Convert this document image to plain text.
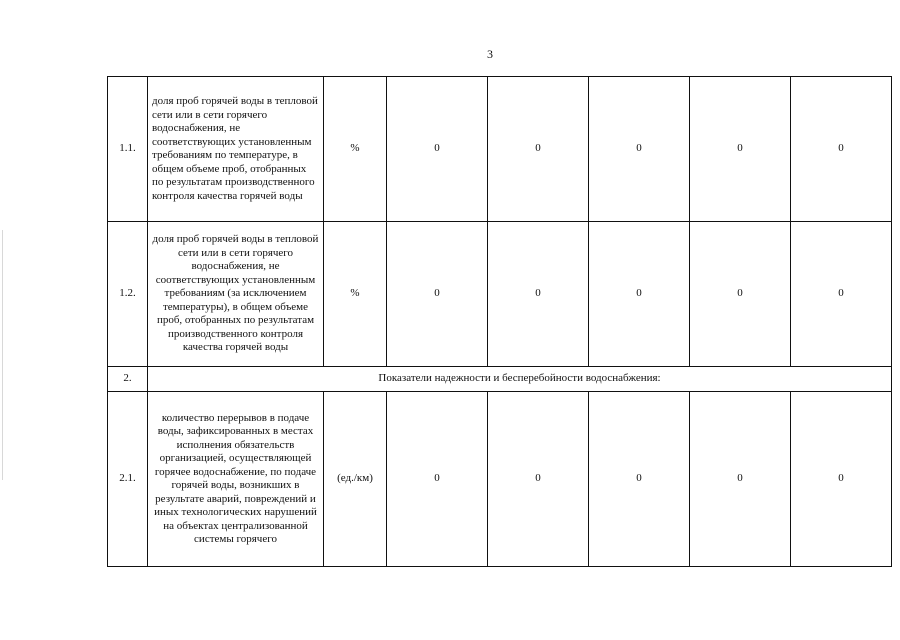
3
1.1.	доля проб горячей воды в тепловой сети или в сети горячего водоснабжения, не соответствующих установленным требованиям по температуре, в общем объеме проб, отобранных по результатам производственного контроля качества горячей воды	%	0	0	0	0	0
1.2.	доля проб горячей воды в тепловой сети или в сети горячего водоснабжения, не соответствующих установленным требованиям (за исключением температуры), в общем объеме проб, отобранных по результатам производственного контроля качества горячей воды	%	0	0	0	0	0
2.	Показатели надежности и бесперебойности водоснабжения:						
2.1.	количество перерывов в подаче воды, зафиксированных в местах исполнения обязательств организацией, осуществляющей горячее водоснабжение, по подаче горячей воды, возникших в результате аварий, повреждений и иных технологических нарушений на объектах централизованной системы горячего	(ед./км)	0	0	0	0	0
